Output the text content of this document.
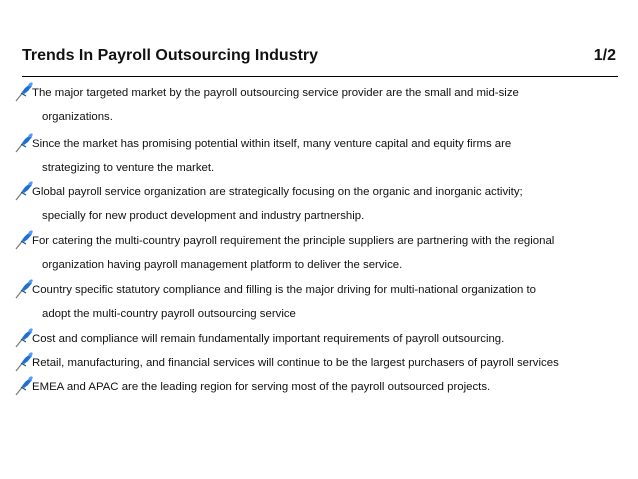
Trends In Payroll Outsourcing Industry	1/2
The major targeted market by the payroll outsourcing service provider are the small and mid-size
organizations.
Since the market has promising potential within itself, many venture capital and equity firms are
strategizing to venture the market.
Global payroll service organization are strategically focusing on the organic and inorganic activity;
specially for new product development and industry partnership.
For catering the multi-country payroll requirement the principle suppliers are partnering with the regional
organization having payroll management platform to deliver the service.
Country specific statutory compliance and filling is the major driving for multi-national organization to
adopt the multi-country payroll outsourcing service
Cost and compliance will remain fundamentally important requirements of payroll outsourcing.
Retail, manufacturing, and financial services will continue to be the largest purchasers of payroll services
EMEA and APAC are the leading region for serving most of the payroll outsourced projects.
